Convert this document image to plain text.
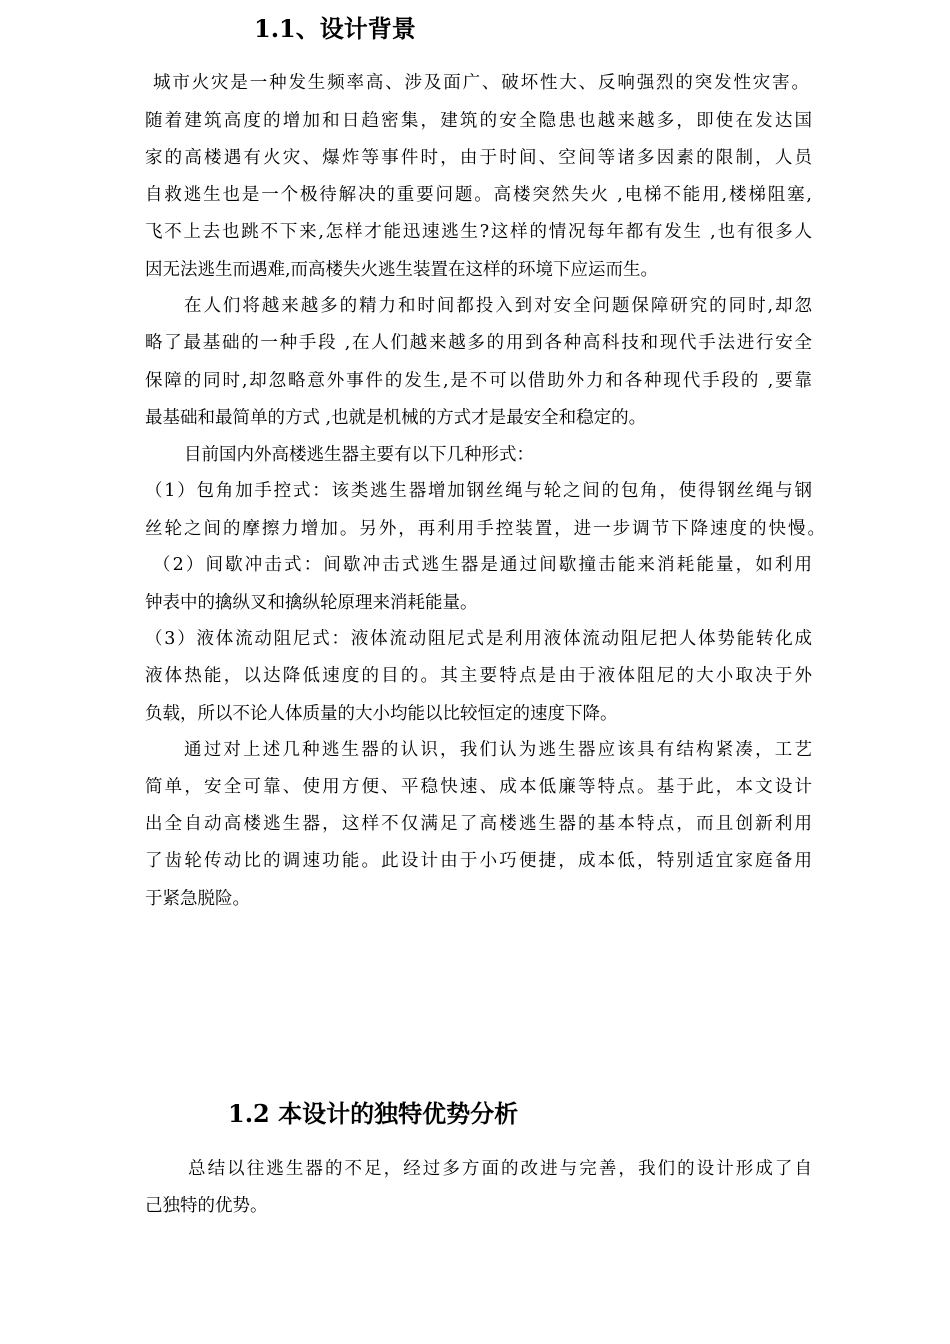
1.1、设计背景

城市火灾是一种发生频率高、涉及面广、破坏性大、反响强烈的突发性灾害。

随着建筑高度的增加和日趋密集，建筑的安全隐患也越来越多，即使在发达国

家的高楼遇有火灾、爆炸等事件时，由于时间、空间等诸多因素的限制，人员

自救逃生也是一个极待解决的重要问题。高楼突然失火 ,电梯不能用,楼梯阻塞,

飞不上去也跳不下来,怎样才能迅速逃生?这样的情况每年都有发生 ,也有很多人

因无法逃生而遇难,而高楼失火逃生装置在这样的环境下应运而生。

在人们将越来越多的精力和时间都投入到对安全问题保障研究的同时,却忽

略了最基础的一种手段 ,在人们越来越多的用到各种高科技和现代手法进行安全

保障的同时,却忽略意外事件的发生,是不可以借助外力和各种现代手段的 ,要靠

最基础和最简单的方式 ,也就是机械的方式才是最安全和稳定的。

目前国内外高楼逃生器主要有以下几种形式：

（1）包角加手控式：该类逃生器增加钢丝绳与轮之间的包角，使得钢丝绳与钢

丝轮之间的摩擦力增加。另外，再利用手控装置，进一步调节下降速度的快慢。

（2）间歇冲击式：间歇冲击式逃生器是通过间歇撞击能来消耗能量，如利用

钟表中的擒纵叉和擒纵轮原理来消耗能量。

（3）液体流动阻尼式：液体流动阻尼式是利用液体流动阻尼把人体势能转化成

液体热能，以达降低速度的目的。其主要特点是由于液体阻尼的大小取决于外

负载，所以不论人体质量的大小均能以比较恒定的速度下降。

通过对上述几种逃生器的认识，我们认为逃生器应该具有结构紧凑，工艺

简单，安全可靠、使用方便、平稳快速、成本低廉等特点。基于此，本文设计

出全自动高楼逃生器，这样不仅满足了高楼逃生器的基本特点，而且创新利用

了齿轮传动比的调速功能。此设计由于小巧便捷，成本低，特别适宜家庭备用

于紧急脱险。

1.2 本设计的独特优势分析

总结以往逃生器的不足，经过多方面的改进与完善，我们的设计形成了自

己独特的优势。
